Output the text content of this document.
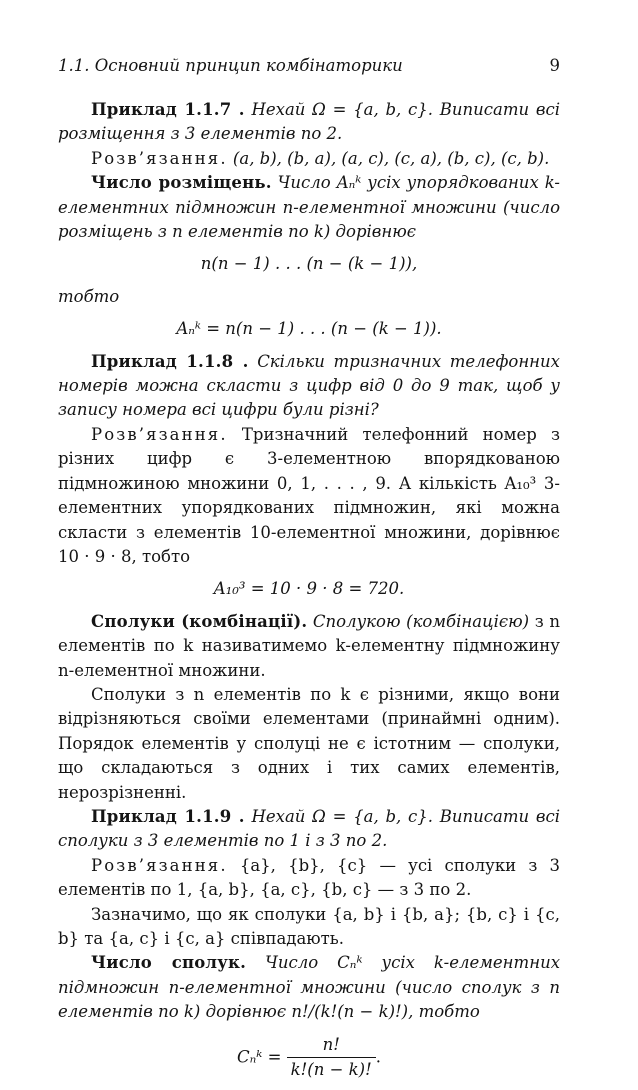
1.1. Основний принцип комбінаторики	9

Приклад 1.1.7 . Нехай Ω = {a, b, c}. Виписати всі розміщення з 3 елементів по 2.

Розв’язання. (a, b), (b, a), (a, c), (c, a), (b, c), (c, b).

Число розміщень. Число Aₙᵏ усіх упорядкованих k-елементних підмножин n-елементної множини (число розміщень з n елементів по k) дорівнює

n(n − 1) . . . (n − (k − 1)),

тобто

Aₙᵏ = n(n − 1) . . . (n − (k − 1)).

Приклад 1.1.8 . Скільки тризначних телефонних номерів можна скласти з цифр від 0 до 9 так, щоб у запису номера всі цифри були різні?

Розв’язання. Тризначний телефонний номер з різних цифр є 3-елементною впорядкованою підмножиною множини 0, 1, . . . , 9. А кількість A₁₀³ 3-елементних упорядкованих підмножин, які можна скласти з елементів 10-елементної множини, дорівнює 10 · 9 · 8, тобто

A₁₀³ = 10 · 9 · 8 = 720.

Сполуки (комбінації). Сполукою (комбінацією) з n елементів по k називатимемо k-елементну підмножину n-елементної множини.

Сполуки з n елементів по k є різними, якщо вони відрізняються своїми елементами (принаймні одним). Порядок елементів у сполуці не є істотним — сполуки, що складаються з одних і тих самих елементів, нерозрізненні.

Приклад 1.1.9 . Нехай Ω = {a, b, c}. Виписати всі сполуки з 3 елементів по 1 і з 3 по 2.

Розв’язання. {a}, {b}, {c} — усі сполуки з 3 елементів по 1, {a, b}, {a, c}, {b, c} — з 3 по 2.

Зазначимо, що як сполуки {a, b} і {b, a}; {b, c} і {c, b} та {a, c} і {c, a} співпадають.

Число сполук. Число Cₙᵏ усіх k-елементних підмножин n-елементної множини (число сполук з n елементів по k) дорівнює n!/(k!(n − k)!), тобто

Cₙᵏ = $\frac{n!}{k!(n - k)!}$ .
